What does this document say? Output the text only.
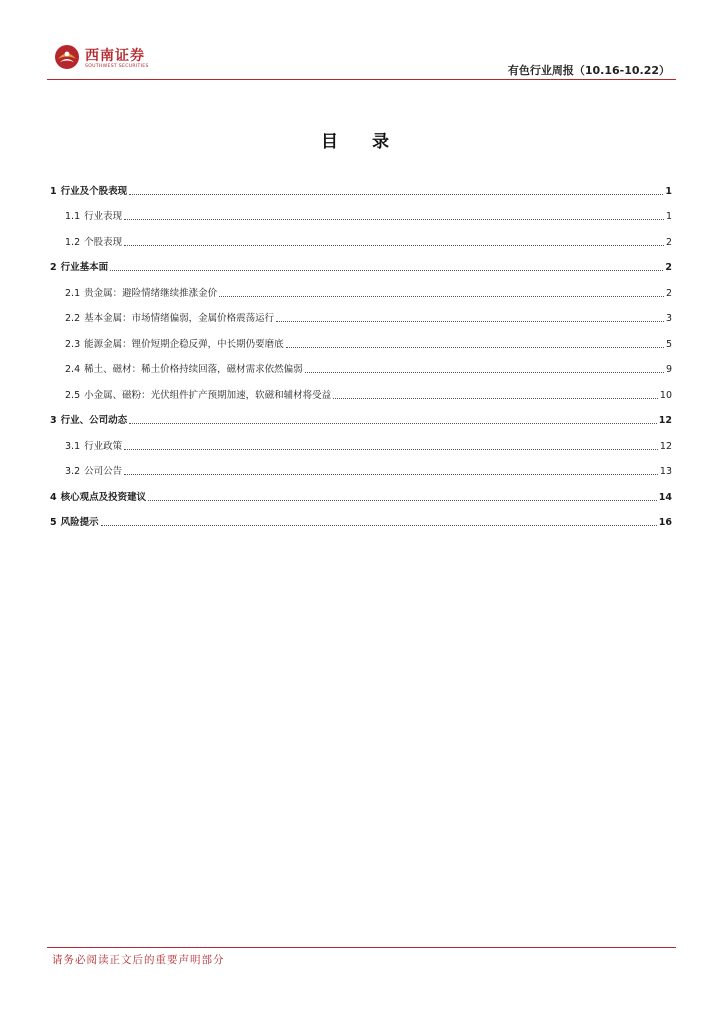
西南证券
SOUTHWEST SECURITIES	有色行业周报（10.16-10.22）
目 录
1 行业及个股表现	1
1.1 行业表现	1
1.2 个股表现	2
2 行业基本面	2
2.1 贵金属：避险情绪继续推涨金价	2
2.2 基本金属：市场情绪偏弱，金属价格震荡运行	3
2.3 能源金属：锂价短期企稳反弹，中长期仍要磨底	5
2.4 稀土、磁材：稀土价格持续回落，磁材需求依然偏弱	9
2.5 小金属、磁粉：光伏组件扩产预期加速，软磁和辅材将受益	10
3 行业、公司动态	12
3.1 行业政策	12
3.2 公司公告	13
4 核心观点及投资建议	14
5 风险提示	16
请务必阅读正文后的重要声明部分
